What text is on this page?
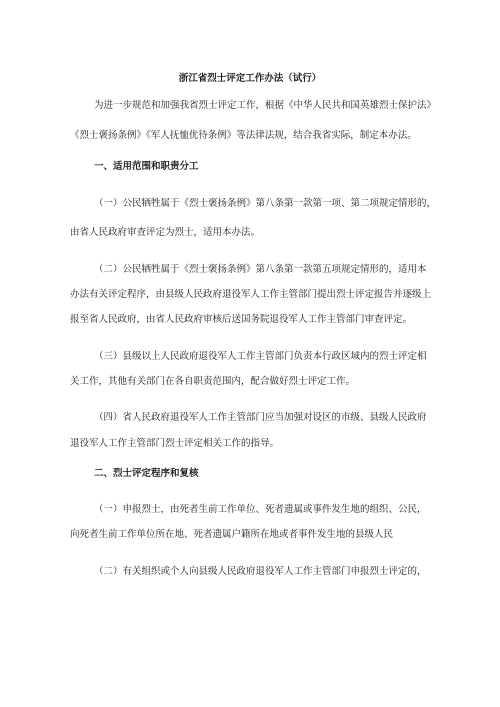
浙江省烈士评定工作办法（试行）
为进一步规范和加强我省烈士评定工作，根据《中华人民共和国英雄烈士保护法》
《烈士褒扬条例》《军人抚恤优待条例》等法律法规，结合我省实际，制定本办法。
一、适用范围和职责分工
（一）公民牺牲属于《烈士褒扬条例》第八条第一款第一项、第二项规定情形的，
由省人民政府审查评定为烈士，适用本办法。
（二）公民牺牲属于《烈士褒扬条例》第八条第一款第五项规定情形的，适用本
办法有关评定程序，由县级人民政府退役军人工作主管部门提出烈士评定报告并逐级上
报至省人民政府，由省人民政府审核后送国务院退役军人工作主管部门审查评定。
（三）县级以上人民政府退役军人工作主管部门负责本行政区域内的烈士评定相
关工作，其他有关部门在各自职责范围内，配合做好烈士评定工作。
（四）省人民政府退役军人工作主管部门应当加强对设区的市级、县级人民政府
退役军人工作主管部门烈士评定相关工作的指导。
二、烈士评定程序和复核
（一）申报烈士，由死者生前工作单位、死者遗属或事件发生地的组织、公民，
向死者生前工作单位所在地、死者遗属户籍所在地或者事件发生地的县级人民
（二）有关组织或个人向县级人民政府退役军人工作主管部门申报烈士评定的，
